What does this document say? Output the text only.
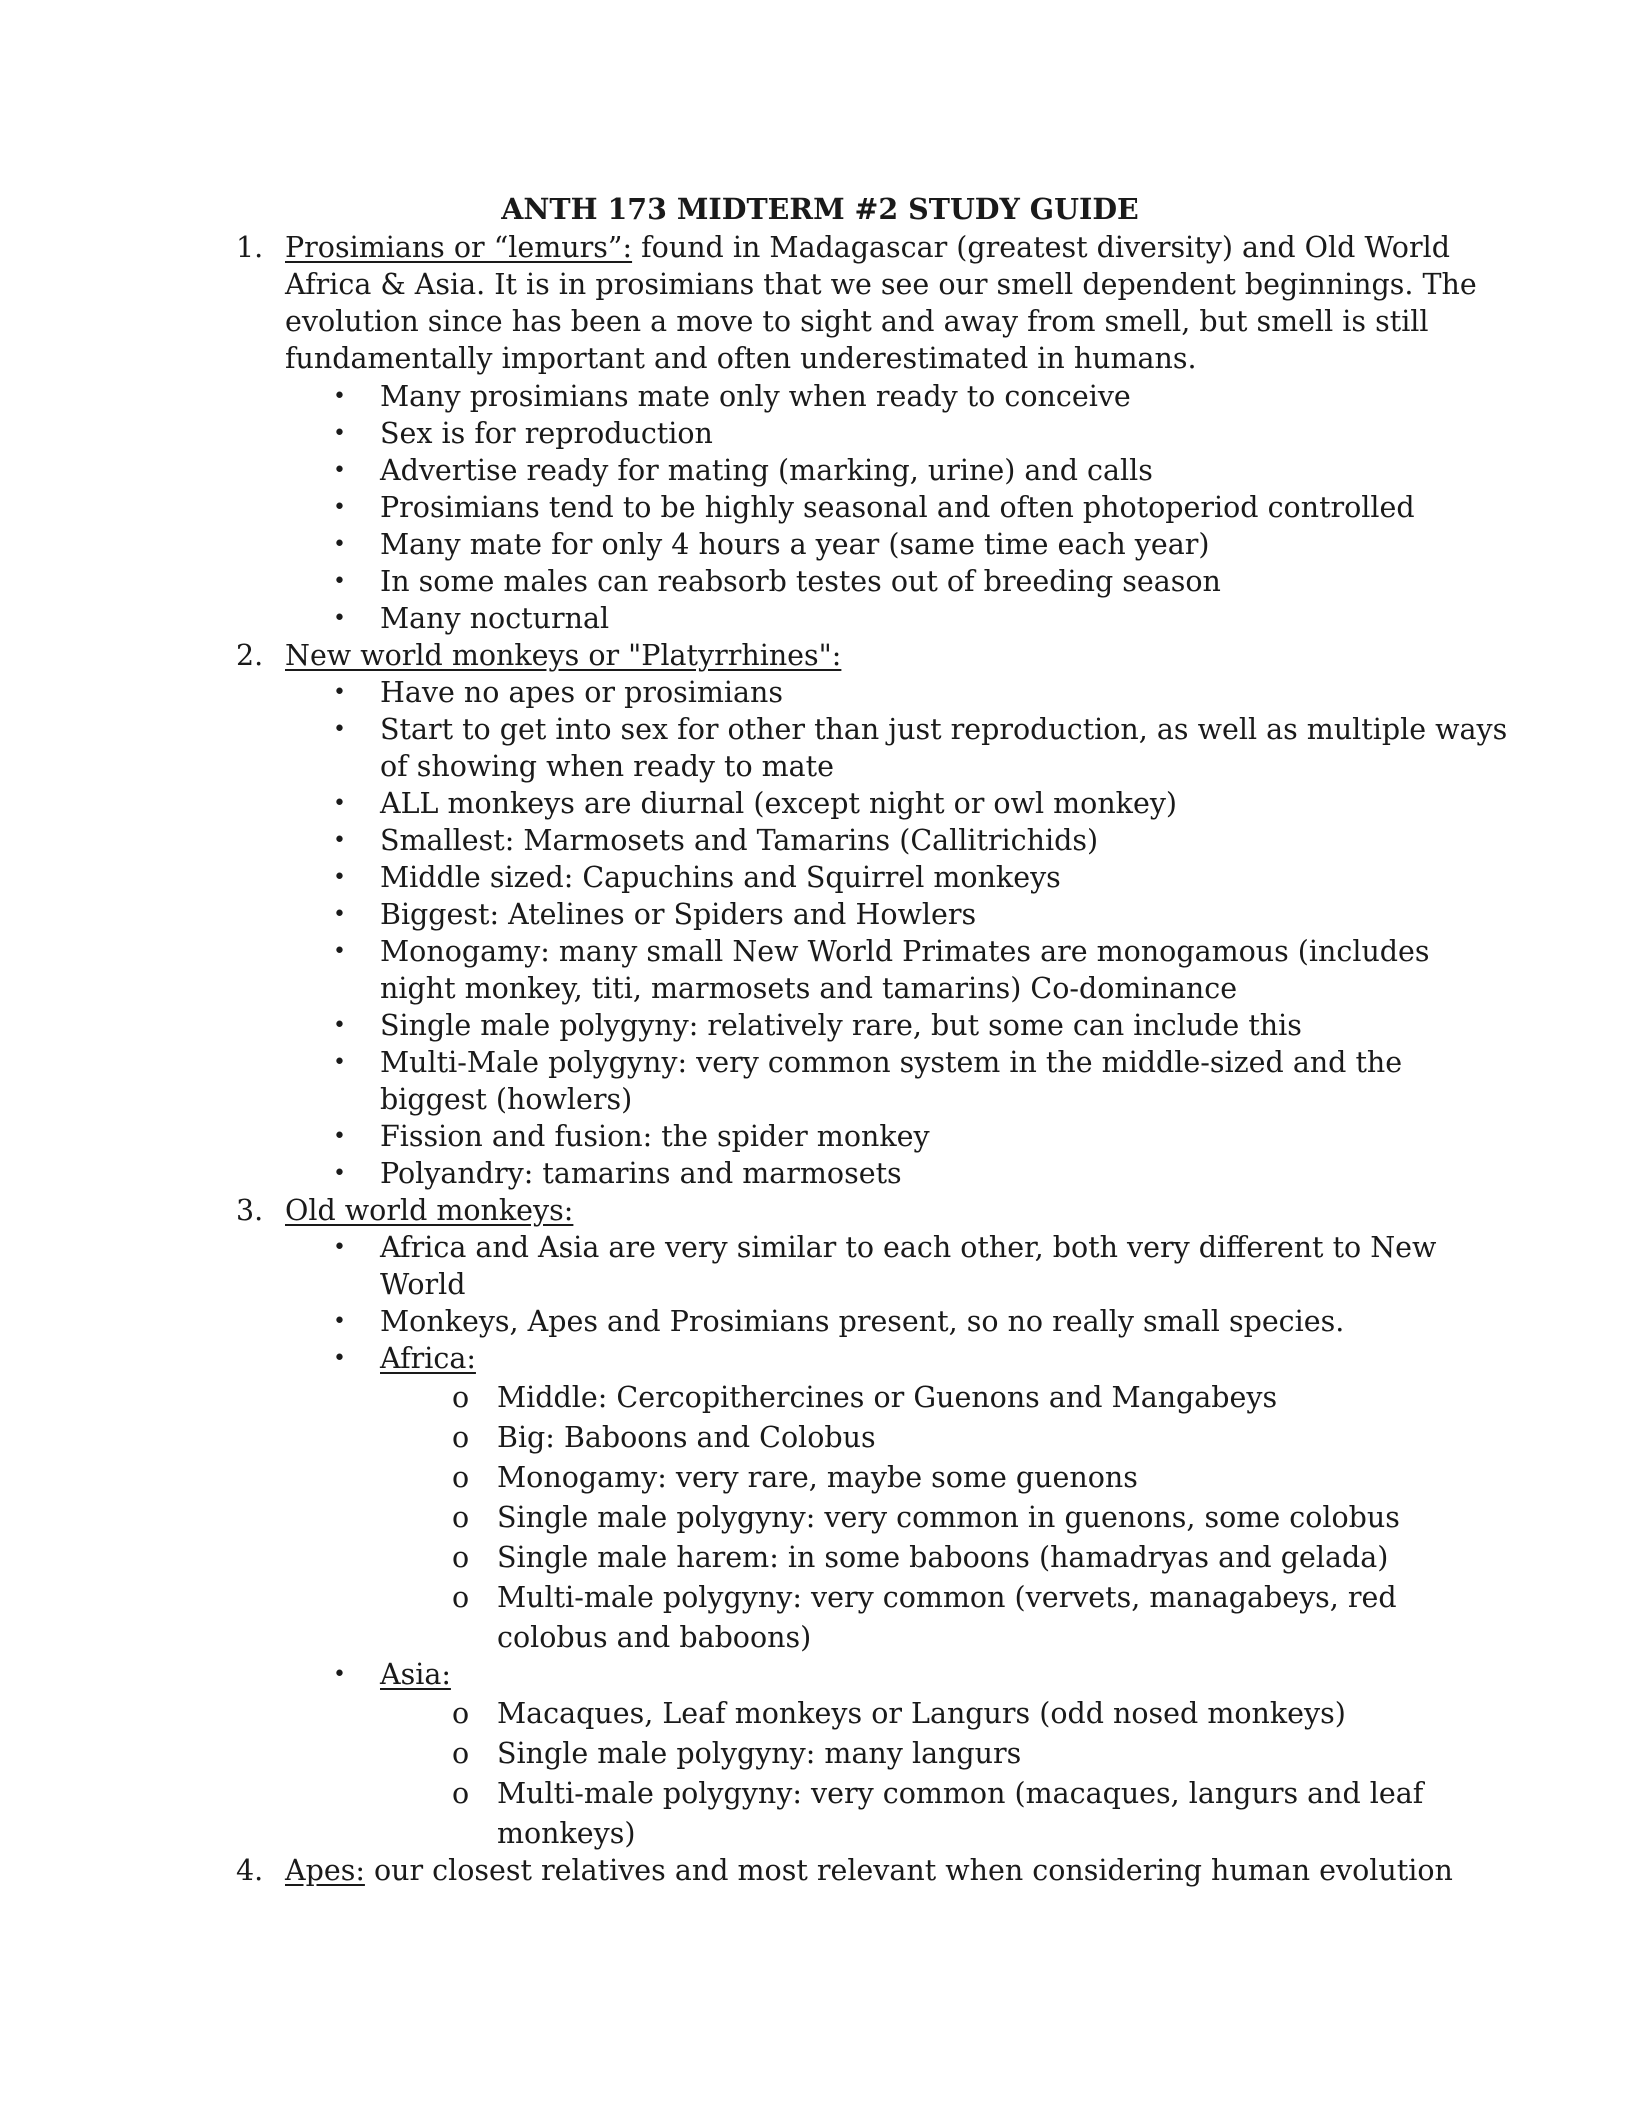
ANTH 173 MIDTERM #2 STUDY GUIDE
1. Prosimians or “lemurs”: found in Madagascar (greatest diversity) and Old World
Africa & Asia. It is in prosimians that we see our smell dependent beginnings. The
evolution since has been a move to sight and away from smell, but smell is still
fundamentally important and often underestimated in humans.
• Many prosimians mate only when ready to conceive
• Sex is for reproduction
• Advertise ready for mating (marking, urine) and calls
• Prosimians tend to be highly seasonal and often photoperiod controlled
• Many mate for only 4 hours a year (same time each year)
• In some males can reabsorb testes out of breeding season
• Many nocturnal
2. New world monkeys or "Platyrrhines":
• Have no apes or prosimians
• Start to get into sex for other than just reproduction, as well as multiple ways
of showing when ready to mate
• ALL monkeys are diurnal (except night or owl monkey)
• Smallest: Marmosets and Tamarins (Callitrichids)
• Middle sized: Capuchins and Squirrel monkeys
• Biggest: Atelines or Spiders and Howlers
• Monogamy: many small New World Primates are monogamous (includes
night monkey, titi, marmosets and tamarins) Co-dominance
• Single male polygyny: relatively rare, but some can include this
• Multi-Male polygyny: very common system in the middle-sized and the
biggest (howlers)
• Fission and fusion: the spider monkey
• Polyandry: tamarins and marmosets
3. Old world monkeys:
• Africa and Asia are very similar to each other, both very different to New
World
• Monkeys, Apes and Prosimians present, so no really small species.
• Africa:
o Middle: Cercopithercines or Guenons and Mangabeys
o Big: Baboons and Colobus
o Monogamy: very rare, maybe some guenons
o Single male polygyny: very common in guenons, some colobus
o Single male harem: in some baboons (hamadryas and gelada)
o Multi-male polygyny: very common (vervets, managabeys, red
colobus and baboons)
• Asia:
o Macaques, Leaf monkeys or Langurs (odd nosed monkeys)
o Single male polygyny: many langurs
o Multi-male polygyny: very common (macaques, langurs and leaf
monkeys)
4. Apes: our closest relatives and most relevant when considering human evolution
